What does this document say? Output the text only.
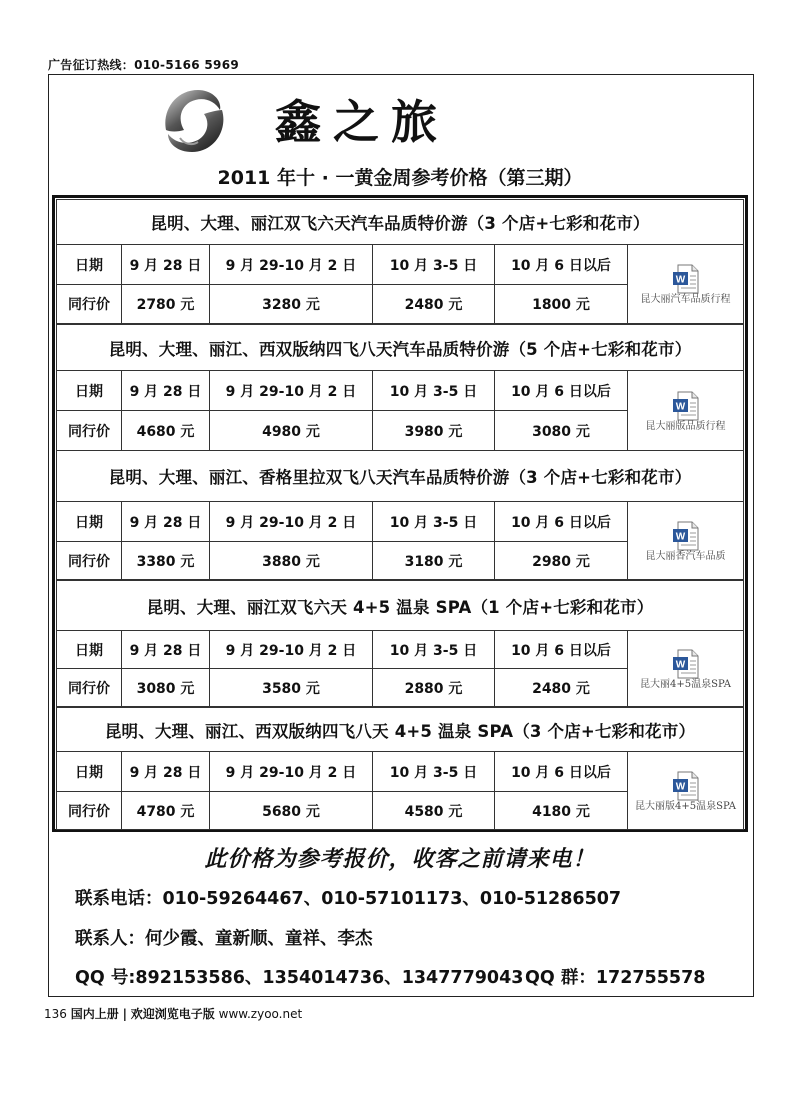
广告征订热线：010-5166 5969
鑫之旅
2011 年十 · 一黄金周参考价格（第三期）
昆明、大理、丽江双飞六天汽车品质特价游（3 个店+七彩和花市）					
日期	9 月 28 日	9 月 29-10 月 2 日	10 月 3-5 日	10 月 6 日以后	W
昆大丽汽车品质行程

同行价	2780 元	3280 元	2480 元	1800 元	
昆明、大理、丽江、西双版纳四飞八天汽车品质特价游（5 个店+七彩和花市）					
日期	9 月 28 日	9 月 29-10 月 2 日	10 月 3-5 日	10 月 6 日以后	W
昆大丽版品质行程

同行价	4680 元	4980 元	3980 元	3080 元	
昆明、大理、丽江、香格里拉双飞八天汽车品质特价游（3 个店+七彩和花市）					
日期	9 月 28 日	9 月 29-10 月 2 日	10 月 3-5 日	10 月 6 日以后	W
昆大丽香汽车品质

同行价	3380 元	3880 元	3180 元	2980 元	
昆明、大理、丽江双飞六天 4+5 温泉 SPA（1 个店+七彩和花市）					
日期	9 月 28 日	9 月 29-10 月 2 日	10 月 3-5 日	10 月 6 日以后	W
昆大丽4+5温泉SPA

同行价	3080 元	3580 元	2880 元	2480 元	
昆明、大理、丽江、西双版纳四飞八天 4+5 温泉 SPA（3 个店+七彩和花市）					
日期	9 月 28 日	9 月 29-10 月 2 日	10 月 3-5 日	10 月 6 日以后	W
昆大丽版4+5温泉SPA

同行价	4780 元	5680 元	4580 元	4180 元	
此价格为参考报价，收客之前请来电！
联系电话：010-59264467、010-57101173、010-51286507
联系人：何少霞、童新顺、童祥、李杰
QQ 号:892153586、1354014736、1347779043 QQ 群：172755578
136 国内上册 | 欢迎浏览电子版 www.zyoo.net
